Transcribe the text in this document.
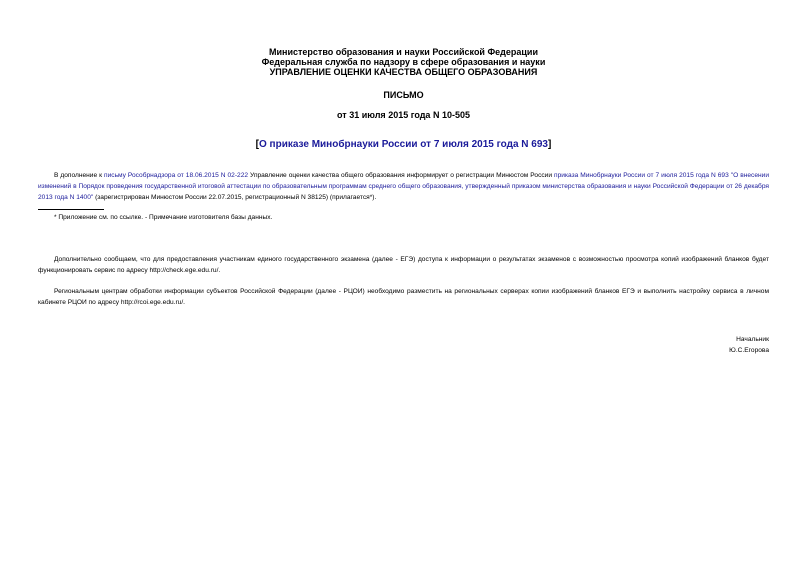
Министерство образования и науки Российской Федерации
Федеральная служба по надзору в сфере образования и науки
УПРАВЛЕНИЕ ОЦЕНКИ КАЧЕСТВА ОБЩЕГО ОБРАЗОВАНИЯ
ПИСЬМО
от 31 июля 2015 года N 10-505
[О приказе Минобрнауки России от 7 июля 2015 года N 693]

В дополнение к письму Рособрнадзора от 18.06.2015 N 02-222 Управление оценки качества общего образования информирует о регистрации Минюстом России приказа Минобрнауки России от 7 июля 2015 года N 693 "О внесении изменений в Порядок проведения государственной итоговой аттестации по образовательным программам среднего общего образования, утвержденный приказом министерства образования и науки Российской Федерации от 26 декабря 2013 года N 1400" (зарегистрирован Минюстом России 22.07.2015, регистрационный N 38125) (прилагается*).

* Приложение см. по ссылке. - Примечание изготовителя базы данных.

Дополнительно сообщаем, что для предоставления участникам единого государственного экзамена (далее - ЕГЭ) доступа к информации о результатах экзаменов с возможностью просмотра копий изображений бланков будет функционировать сервис по адресу http://check.ege.edu.ru/.

Региональным центрам обработки информации субъектов Российской Федерации (далее - РЦОИ) необходимо разместить на региональных серверах копии изображений бланков ЕГЭ и выполнить настройку сервиса в личном кабинете РЦОИ по адресу http://rcoi.ege.edu.ru/.

Начальник
Ю.С.Егорова
